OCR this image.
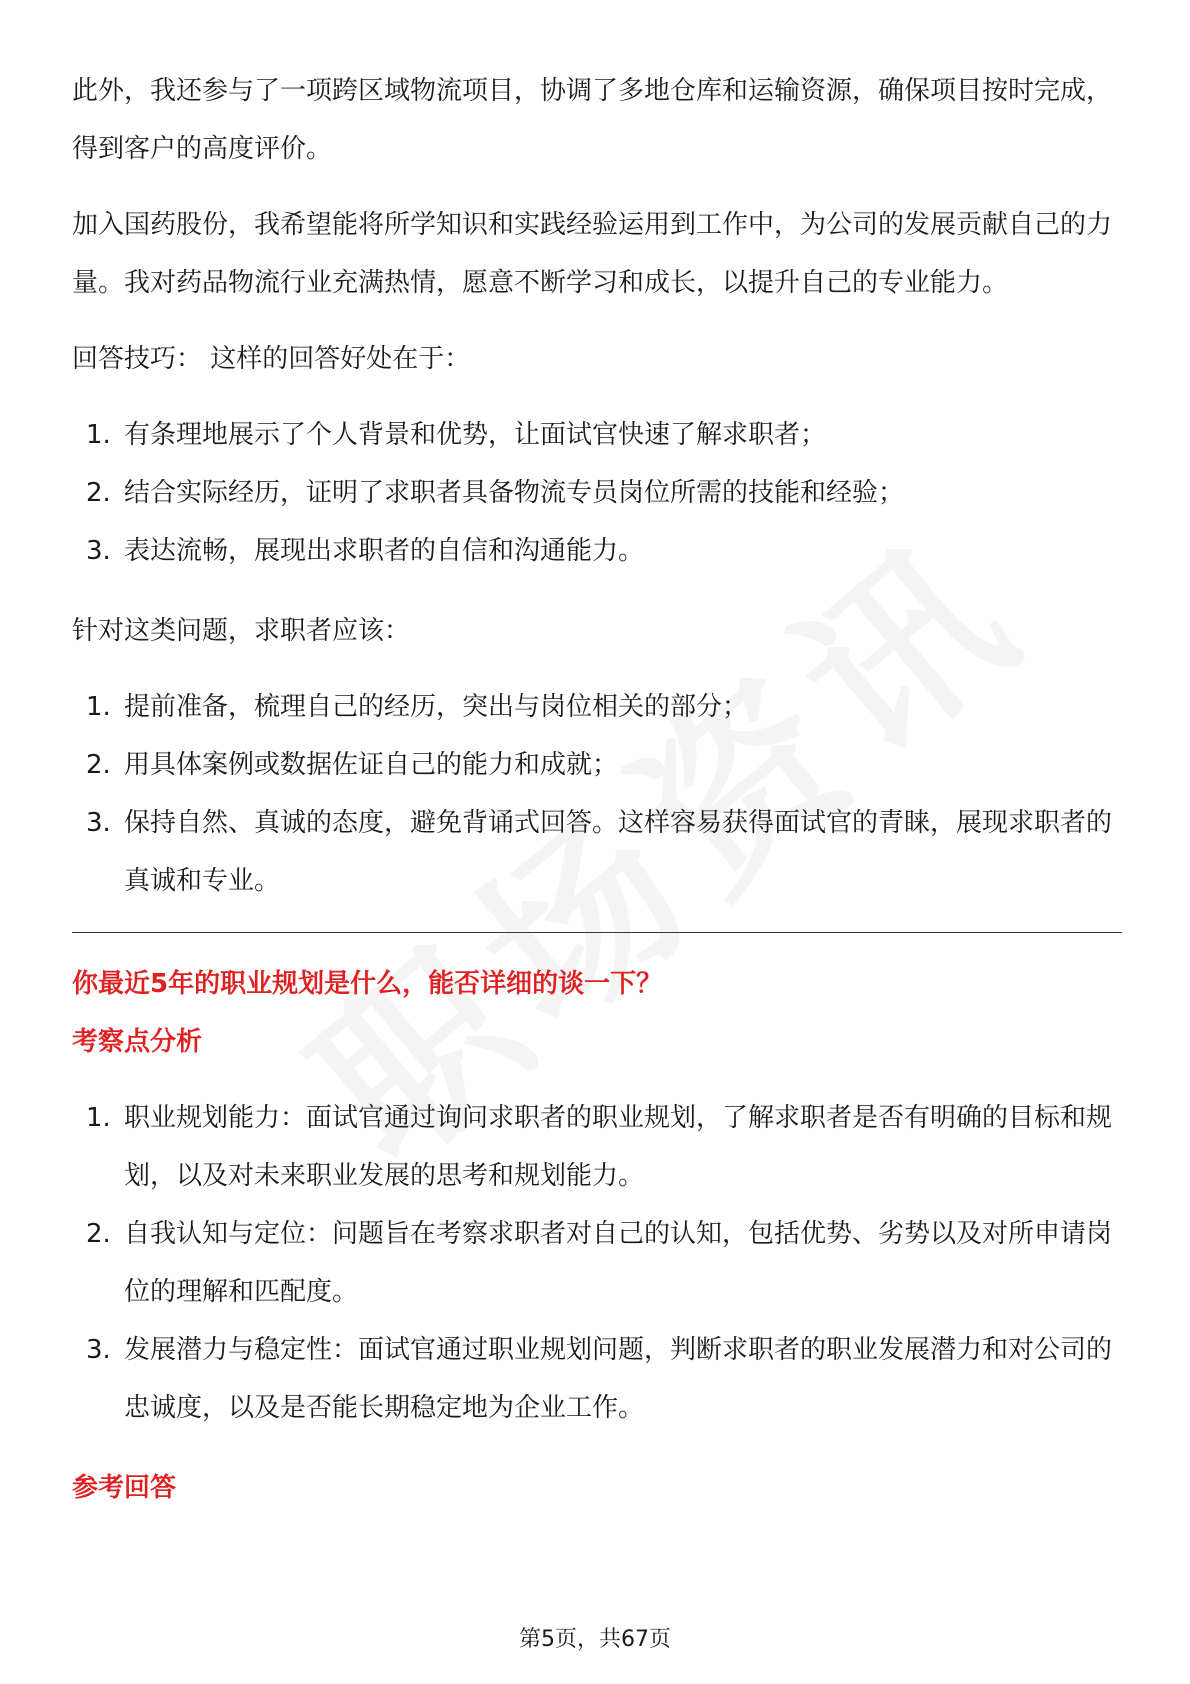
此外，我还参与了一项跨区域物流项目，协调了多地仓库和运输资源，确保项目按时完成，得到客户的高度评价。

加入国药股份，我希望能将所学知识和实践经验运用到工作中，为公司的发展贡献自己的力量。我对药品物流行业充满热情，愿意不断学习和成长，以提升自己的专业能力。

回答技巧： 这样的回答好处在于：

1. 有条理地展示了个人背景和优势，让面试官快速了解求职者；
2. 结合实际经历，证明了求职者具备物流专员岗位所需的技能和经验；
3. 表达流畅，展现出求职者的自信和沟通能力。

针对这类问题，求职者应该：

1. 提前准备，梳理自己的经历，突出与岗位相关的部分；
2. 用具体案例或数据佐证自己的能力和成就；
3. 保持自然、真诚的态度，避免背诵式回答。这样容易获得面试官的青睐，展现求职者的真诚和专业。

你最近5年的职业规划是什么，能否详细的谈一下？

考察点分析

1. 职业规划能力：面试官通过询问求职者的职业规划，了解求职者是否有明确的目标和规划，以及对未来职业发展的思考和规划能力。
2. 自我认知与定位：问题旨在考察求职者对自己的认知，包括优势、劣势以及对所申请岗位的理解和匹配度。
3. 发展潜力与稳定性：面试官通过职业规划问题，判断求职者的职业发展潜力和对公司的忠诚度，以及是否能长期稳定地为企业工作。

参考回答

第5页，共67页
